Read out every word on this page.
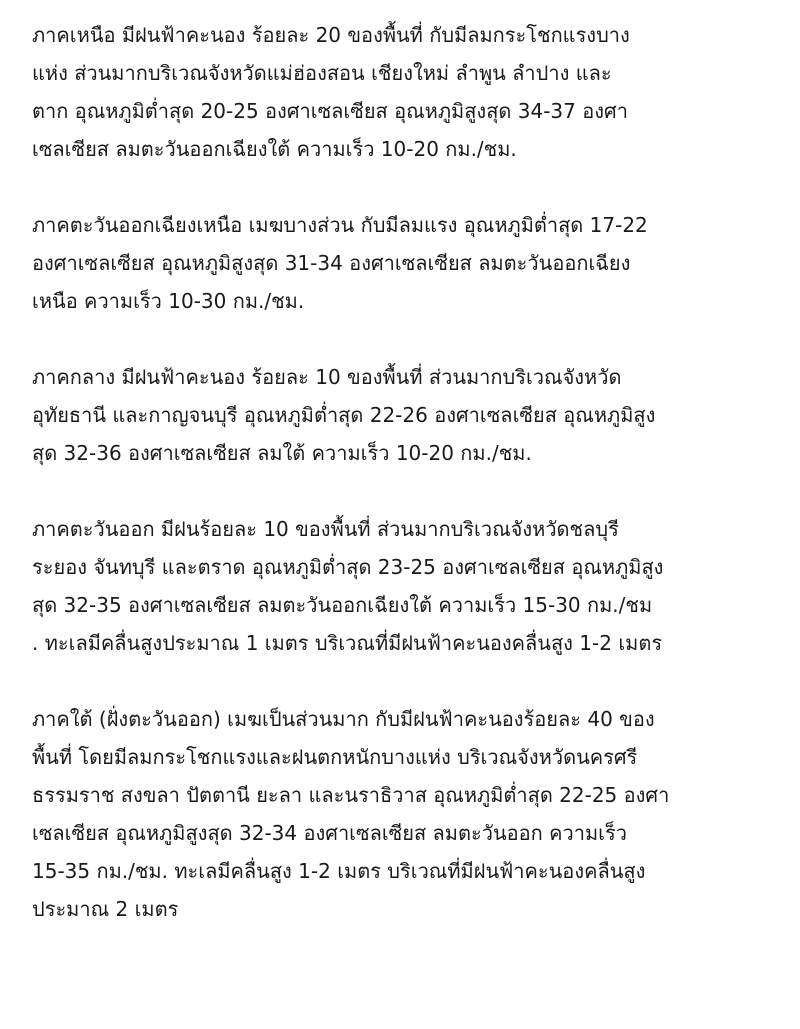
ภาคเหนือ มีฝนฟ้าคะนอง ร้อยละ 20 ของพื้นที่ กับมีลมกระโชกแรงบาง
แห่ง ส่วนมากบริเวณจังหวัดแม่ฮ่องสอน เชียงใหม่ ลำพูน ลำปาง และ
ตาก อุณหภูมิต่ำสุด 20-25 องศาเซลเซียส อุณหภูมิสูงสุด 34-37 องศา
เซลเซียส ลมตะวันออกเฉียงใต้ ความเร็ว 10-20 กม./ชม.

ภาคตะวันออกเฉียงเหนือ เมฆบางส่วน กับมีลมแรง อุณหภูมิต่ำสุด 17-22
องศาเซลเซียส อุณหภูมิสูงสุด 31-34 องศาเซลเซียส ลมตะวันออกเฉียง
เหนือ ความเร็ว 10-30 กม./ชม.

ภาคกลาง มีฝนฟ้าคะนอง ร้อยละ 10 ของพื้นที่ ส่วนมากบริเวณจังหวัด
อุทัยธานี และกาญจนบุรี อุณหภูมิต่ำสุด 22-26 องศาเซลเซียส อุณหภูมิสูง
สุด 32-36 องศาเซลเซียส ลมใต้ ความเร็ว 10-20 กม./ชม.

ภาคตะวันออก มีฝนร้อยละ 10 ของพื้นที่ ส่วนมากบริเวณจังหวัดชลบุรี
ระยอง จันทบุรี และตราด อุณหภูมิต่ำสุด 23-25 องศาเซลเซียส อุณหภูมิสูง
สุด 32-35 องศาเซลเซียส ลมตะวันออกเฉียงใต้ ความเร็ว 15-30 กม./ชม
. ทะเลมีคลื่นสูงประมาณ 1 เมตร บริเวณที่มีฝนฟ้าคะนองคลื่นสูง 1-2 เมตร

ภาคใต้ (ฝั่งตะวันออก) เมฆเป็นส่วนมาก กับมีฝนฟ้าคะนองร้อยละ 40 ของ
พื้นที่ โดยมีลมกระโชกแรงและฝนตกหนักบางแห่ง บริเวณจังหวัดนครศรี
ธรรมราช สงขลา ปัตตานี ยะลา และนราธิวาส อุณหภูมิต่ำสุด 22-25 องศา
เซลเซียส อุณหภูมิสูงสุด 32-34 องศาเซลเซียส ลมตะวันออก ความเร็ว
15-35 กม./ชม. ทะเลมีคลื่นสูง 1-2 เมตร บริเวณที่มีฝนฟ้าคะนองคลื่นสูง
ประมาณ 2 เมตร
